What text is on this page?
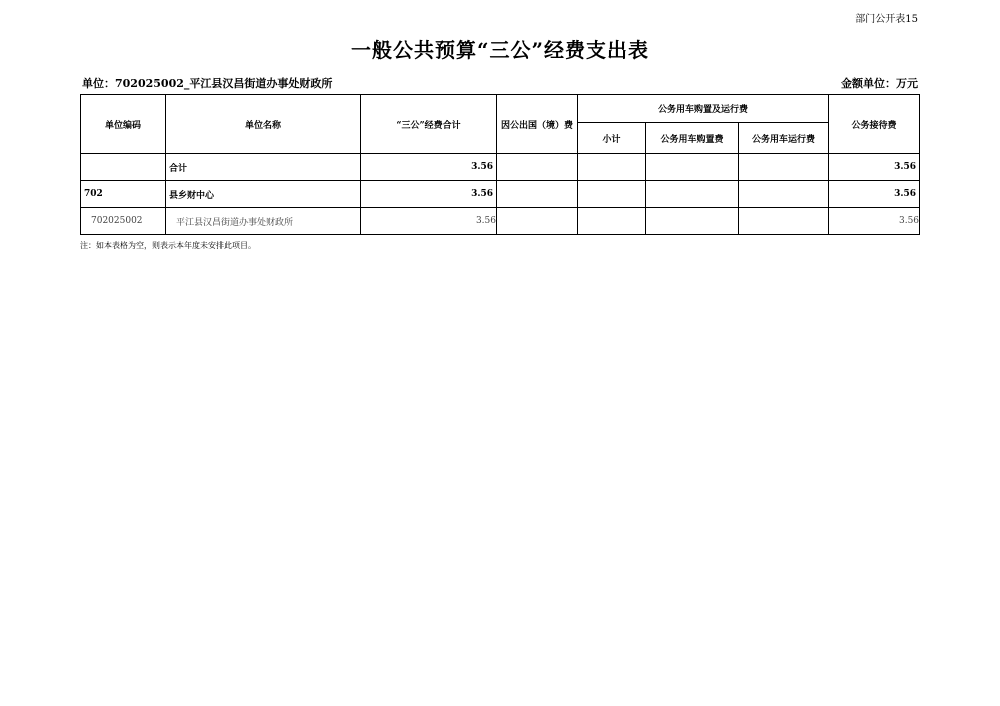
部门公开表15
一般公共预算“三公”经费支出表
单位：702025002_平江县汉昌街道办事处财政所	金额单位：万元
单位编码	单位名称	“三公”经费合计	因公出国（境）费	公务用车购置及运行费			公务接待费
				小计	公务用车购置费	公务用车运行费	
	合计	3.56					3.56
702	县乡财中心	3.56					3.56
702025002	平江县汉昌街道办事处财政所	3.56					3.56
注：如本表格为空，则表示本年度未安排此项目。
